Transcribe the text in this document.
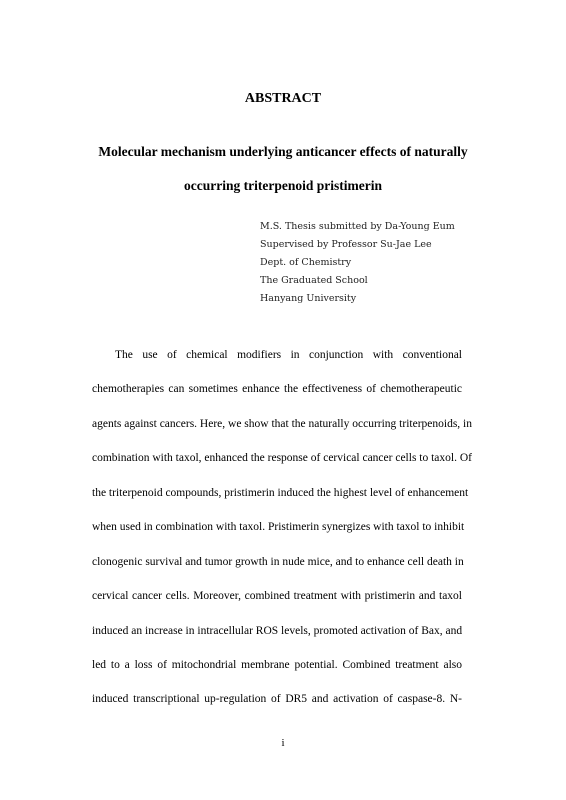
ABSTRACT
Molecular mechanism underlying anticancer effects of naturally
occurring triterpenoid pristimerin
M.S. Thesis submitted by Da-Young Eum
Supervised by Professor Su-Jae Lee
Dept. of Chemistry
The Graduated School
Hanyang University
The use of chemical modifiers in conjunction with conventional
chemotherapies can sometimes enhance the effectiveness of chemotherapeutic
agents against cancers. Here, we show that the naturally occurring triterpenoids, in
combination with taxol, enhanced the response of cervical cancer cells to taxol. Of
the triterpenoid compounds, pristimerin induced the highest level of enhancement
when used in combination with taxol. Pristimerin synergizes with taxol to inhibit
clonogenic survival and tumor growth in nude mice, and to enhance cell death in
cervical cancer cells. Moreover, combined treatment with pristimerin and taxol
induced an increase in intracellular ROS levels, promoted activation of Bax, and
led to a loss of mitochondrial membrane potential. Combined treatment also
induced transcriptional up-regulation of DR5 and activation of caspase-8. N-
i
